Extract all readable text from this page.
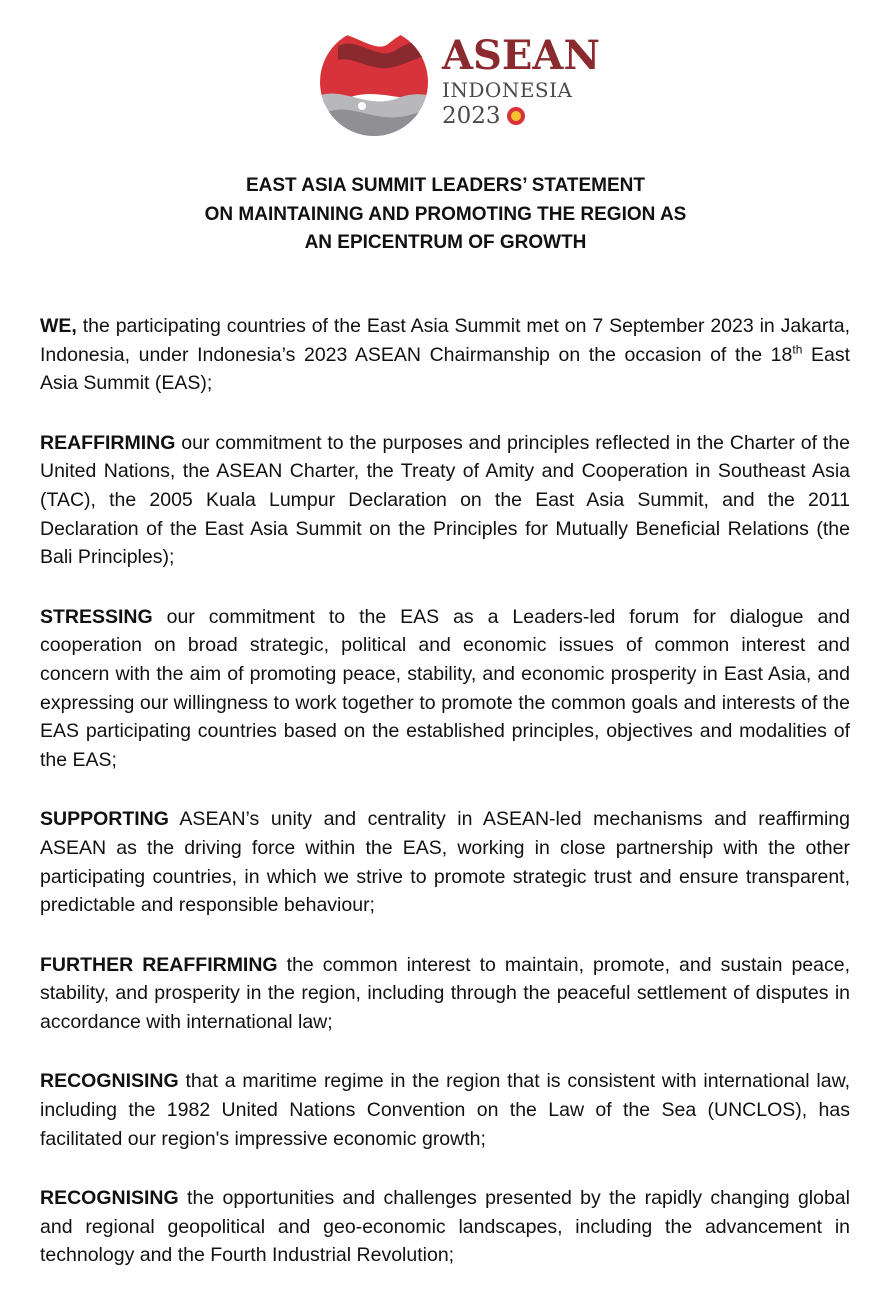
ASEAN
INDONESIA
2023
EAST ASIA SUMMIT LEADERS’ STATEMENT
ON MAINTAINING AND PROMOTING THE REGION AS
AN EPICENTRUM OF GROWTH

WE, the participating countries of the East Asia Summit met on 7 September 2023 in Jakarta, Indonesia, under Indonesia’s 2023 ASEAN Chairmanship on the occasion of the 18th East Asia Summit (EAS);

REAFFIRMING our commitment to the purposes and principles reflected in the Charter of the United Nations, the ASEAN Charter, the Treaty of Amity and Cooperation in Southeast Asia (TAC), the 2005 Kuala Lumpur Declaration on the East Asia Summit, and the 2011 Declaration of the East Asia Summit on the Principles for Mutually Beneficial Relations (the Bali Principles);

STRESSING our commitment to the EAS as a Leaders-led forum for dialogue and cooperation on broad strategic, political and economic issues of common interest and concern with the aim of promoting peace, stability, and economic prosperity in East Asia, and expressing our willingness to work together to promote the common goals and interests of the EAS participating countries based on the established principles, objectives and modalities of the EAS;

SUPPORTING ASEAN’s unity and centrality in ASEAN-led mechanisms and reaffirming ASEAN as the driving force within the EAS, working in close partnership with the other participating countries, in which we strive to promote strategic trust and ensure transparent, predictable and responsible behaviour;

FURTHER REAFFIRMING the common interest to maintain, promote, and sustain peace, stability, and prosperity in the region, including through the peaceful settlement of disputes in accordance with international law;

RECOGNISING that a maritime regime in the region that is consistent with international law, including the 1982 United Nations Convention on the Law of the Sea (UNCLOS), has facilitated our region's impressive economic growth;

RECOGNISING the opportunities and challenges presented by the rapidly changing global and regional geopolitical and geo-economic landscapes, including the advancement in technology and the Fourth Industrial Revolution;
